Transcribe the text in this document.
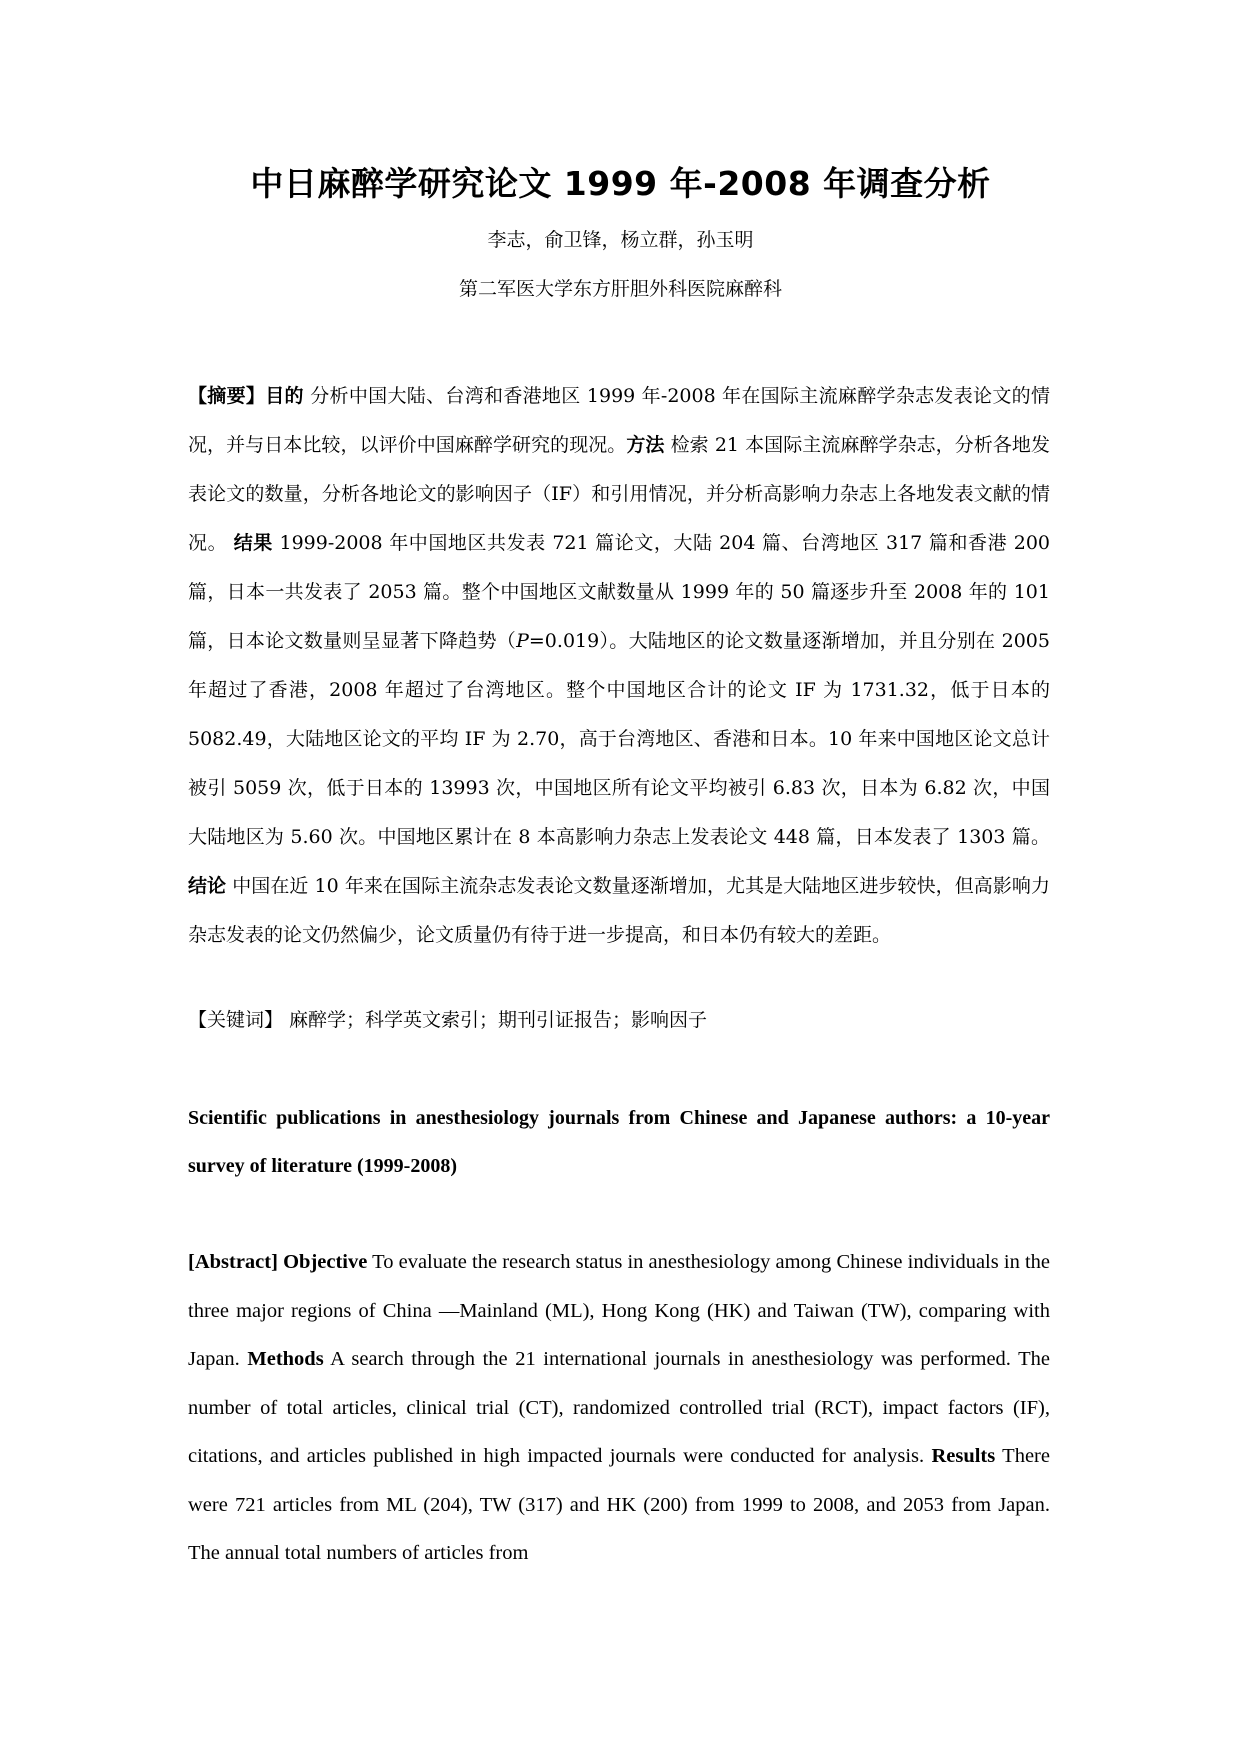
中日麻醉学研究论文 1999 年-2008 年调查分析
李志，俞卫锋，杨立群，孙玉明
第二军医大学东方肝胆外科医院麻醉科

【摘要】目的 分析中国大陆、台湾和香港地区 1999 年-2008 年在国际主流麻醉学杂志发表论文的情况，并与日本比较，以评价中国麻醉学研究的现况。方法 检索 21 本国际主流麻醉学杂志，分析各地发表论文的数量，分析各地论文的影响因子（IF）和引用情况，并分析高影响力杂志上各地发表文献的情况。 结果 1999-2008 年中国地区共发表 721 篇论文，大陆 204 篇、台湾地区 317 篇和香港 200 篇，日本一共发表了 2053 篇。整个中国地区文献数量从 1999 年的 50 篇逐步升至 2008 年的 101 篇，日本论文数量则呈显著下降趋势（P=0.019）。大陆地区的论文数量逐渐增加，并且分别在 2005 年超过了香港，2008 年超过了台湾地区。整个中国地区合计的论文 IF 为 1731.32，低于日本的 5082.49，大陆地区论文的平均 IF 为 2.70，高于台湾地区、香港和日本。10 年来中国地区论文总计被引 5059 次，低于日本的 13993 次，中国地区所有论文平均被引 6.83 次，日本为 6.82 次，中国大陆地区为 5.60 次。中国地区累计在 8 本高影响力杂志上发表论文 448 篇，日本发表了 1303 篇。结论 中国在近 10 年来在国际主流杂志发表论文数量逐渐增加，尤其是大陆地区进步较快，但高影响力杂志发表的论文仍然偏少，论文质量仍有待于进一步提高，和日本仍有较大的差距。

【关键词】 麻醉学；科学英文索引；期刊引证报告；影响因子

Scientific publications in anesthesiology journals from Chinese and Japanese authors: a 10-year survey of literature (1999-2008)

[Abstract] Objective To evaluate the research status in anesthesiology among Chinese individuals in the three major regions of China —Mainland (ML), Hong Kong (HK) and Taiwan (TW), comparing with Japan. Methods A search through the 21 international journals in anesthesiology was performed. The number of total articles, clinical trial (CT), randomized controlled trial (RCT), impact factors (IF), citations, and articles published in high impacted journals were conducted for analysis. Results There were 721 articles from ML (204), TW (317) and HK (200) from 1999 to 2008, and 2053 from Japan. The annual total numbers of articles from
